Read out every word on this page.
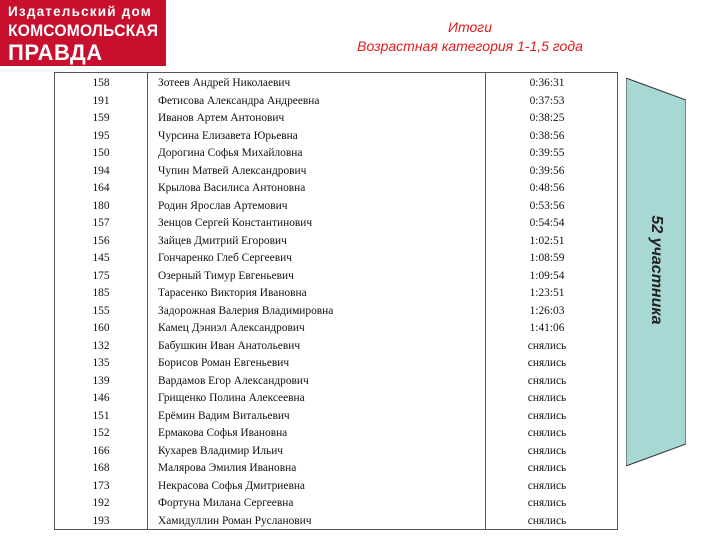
Издательский дом
КОМСОМОЛЬСКАЯ
ПРАВДА
Итоги
Возрастная категория 1-1,5 года
158	Зотеев Андрей Николаевич	0:36:31
191	Фетисова Александра Андреевна	0:37:53
159	Иванов Артем Антонович	0:38:25
195	Чурсина Елизавета Юрьевна	0:38:56
150	Дорогина Софья Михайловна	0:39:55
194	Чупин Матвей Александрович	0:39:56
164	Крылова Василиса Антоновна	0:48:56
180	Родин Ярослав Артемович	0:53:56
157	Зенцов Сергей Константинович	0:54:54
156	Зайцев Дмитрий Егорович	1:02:51
145	Гончаренко Глеб Сергеевич	1:08:59
175	Озерный Тимур Евгеньевич	1:09:54
185	Тарасенко Виктория Ивановна	1:23:51
155	Задорожная Валерия Владимировна	1:26:03
160	Камец Дэниэл Александрович	1:41:06
132	Бабушкин Иван Анатольевич	снялись
135	Борисов Роман Евгеньевич	снялись
139	Вардамов Егор Александрович	снялись
146	Грищенко Полина Алексеевна	снялись
151	Ерёмин Вадим Витальевич	снялись
152	Ермакова Софья Ивановна	снялись
166	Кухарев Владимир Ильич	снялись
168	Малярова Эмилия Ивановна	снялись
173	Некрасова Софья Дмитриевна	снялись
192	Фортуна Милана Сергеевна	снялись
193	Хамидуллин Роман Русланович	снялись
52 участника
